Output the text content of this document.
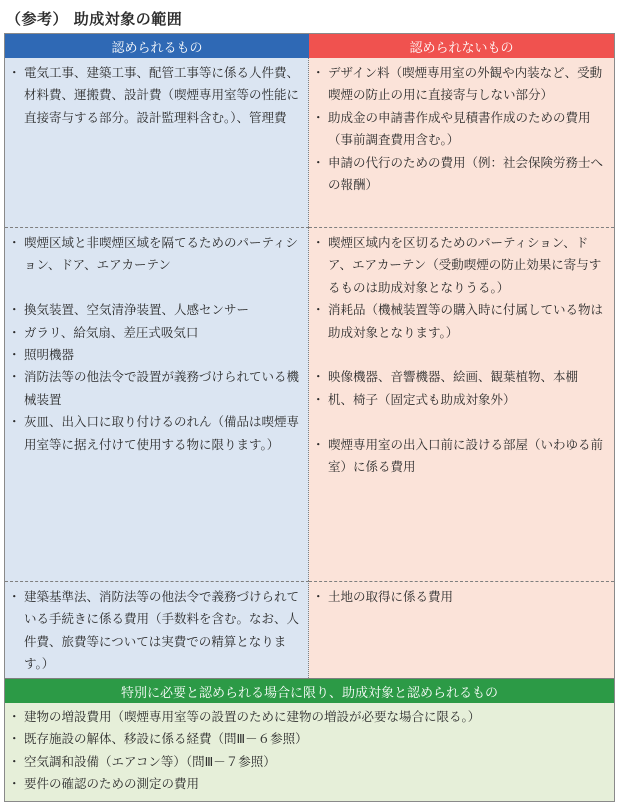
（参考） 助成対象の範囲
認められるもの	認められないもの
・ 電気工事、建築工事、配管工事等に係る人件費、材料費、運搬費、設計費（喫煙専用室等の性能に直接寄与する部分。設計監理料含む。）、管理費
・ デザイン料（喫煙専用室の外観や内装など、受動喫煙の防止の用に直接寄与しない部分）
・ 助成金の申請書作成や見積書作成のための費用（事前調査費用含む。）
・ 申請の代行のための費用（例：社会保険労務士への報酬）
・ 喫煙区域と非喫煙区域を隔てるためのパーティション、ドア、エアカーテン
・ 換気装置、空気清浄装置、人感センサー
・ ガラリ、給気扇、差圧式吸気口
・ 照明機器
・ 消防法等の他法令で設置が義務づけられている機械装置
・ 灰皿、出入口に取り付けるのれん（備品は喫煙専用室等に据え付けて使用する物に限ります。）
・ 喫煙区域内を区切るためのパーティション、ドア、エアカーテン（受動喫煙の防止効果に寄与するものは助成対象となりうる。）
・ 消耗品（機械装置等の購入時に付属している物は助成対象となります。）
・ 映像機器、音響機器、絵画、観葉植物、本棚
・ 机、椅子（固定式も助成対象外）
・ 喫煙専用室の出入口前に設ける部屋（いわゆる前室）に係る費用
・ 建築基準法、消防法等の他法令で義務づけられている手続きに係る費用（手数料を含む。なお、人件費、旅費等については実費での精算となります。）
・ 土地の取得に係る費用
特別に必要と認められる場合に限り、助成対象と認められるもの
・ 建物の増設費用（喫煙専用室等の設置のために建物の増設が必要な場合に限る。）
・ 既存施設の解体、移設に係る経費（問Ⅲ－６参照）
・ 空気調和設備（エアコン等）（問Ⅲ－７参照）
・ 要件の確認のための測定の費用
